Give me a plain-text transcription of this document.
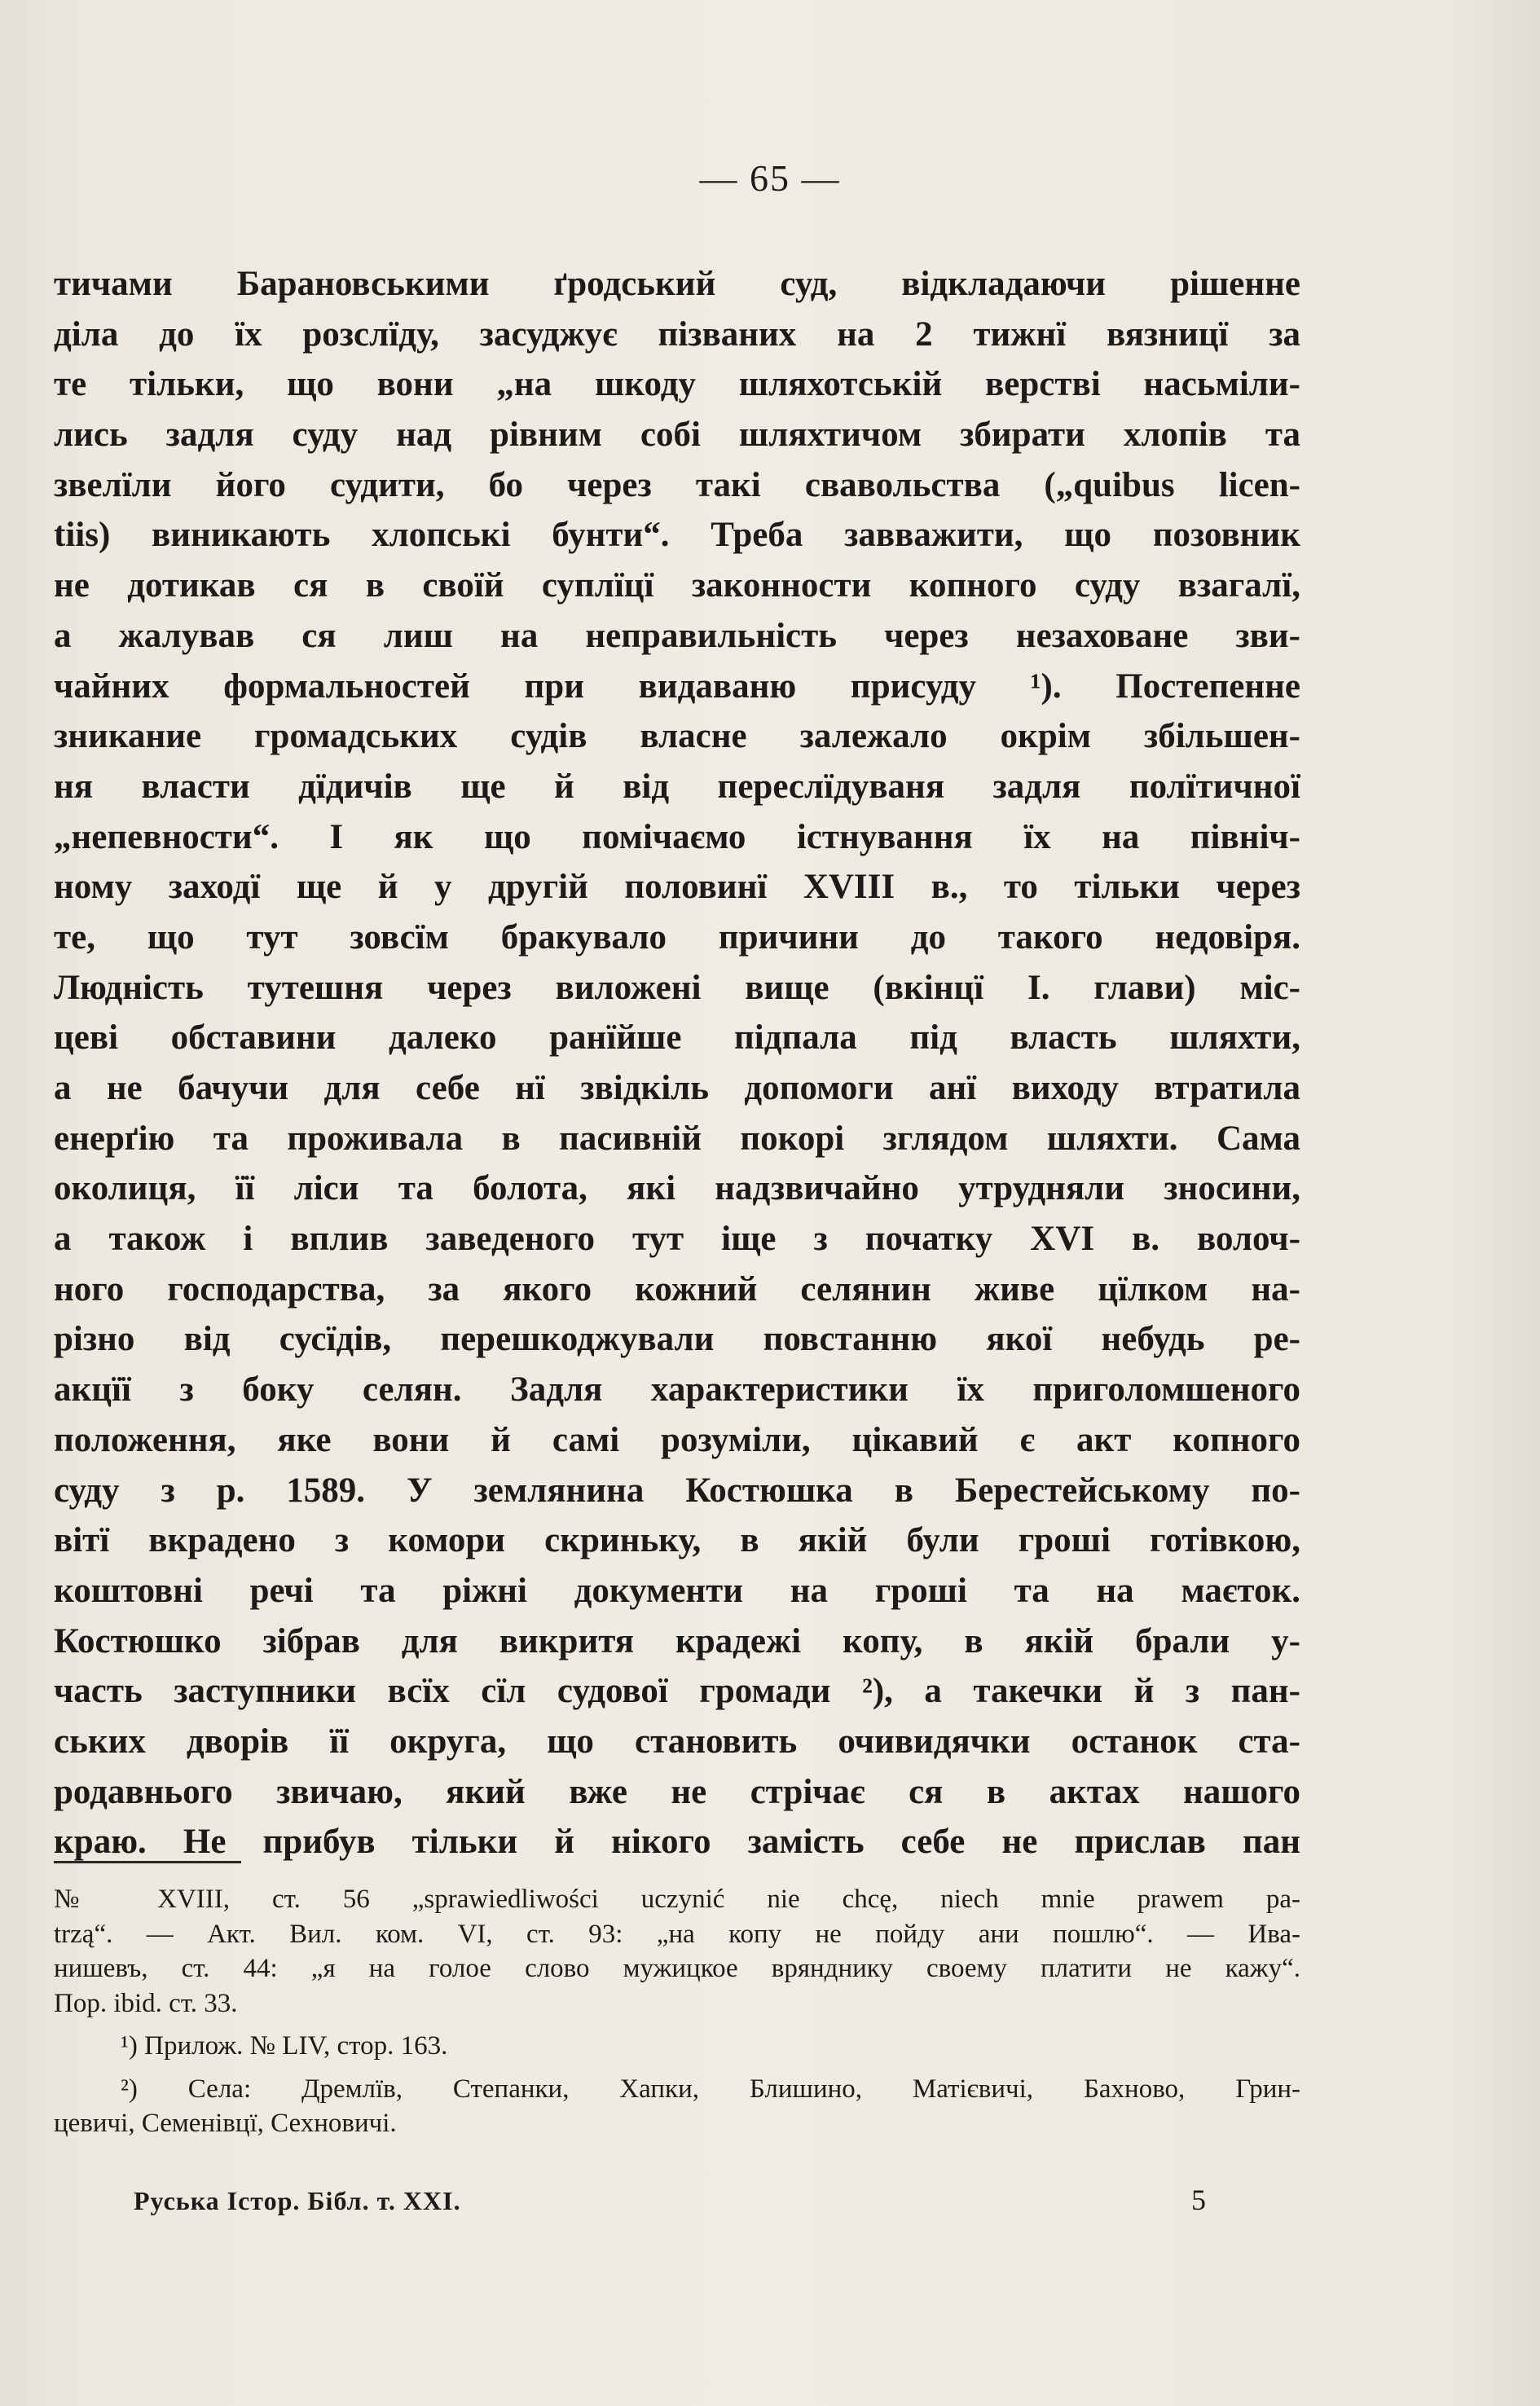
— 65 —
тичами Барановськими ґродський суд, відкладаючи рішенне
діла до їх розслїду, засуджує пізваних на 2 тижнї вязницї за
те тільки, що вони „на шкоду шляхотській верстві насьміли-
лись задля суду над рівним собі шляхтичом збирати хлопів та
звелїли його судити, бо через такі свавольства („quibus licen-
tiis) виникають хлопські бунти“. Треба завважити, що позовник
не дотикав ся в своїй суплїцї законности копного суду взагалї,
а жалував ся лиш на неправильність через незаховане зви-
чайних формальностей при видаваню присуду ¹). Постепенне
зникание громадських судів власне залежало окрім збільшен-
ня власти дїдичів ще й від переслїдуваня задля полїтичної
„непевности“. І як що помічаємо істнування їх на північ-
ному заходї ще й у другій половинї XVIII в., то тільки через
те, що тут зовсїм бракувало причини до такого недовіря.
Людність тутешня через виложені вище (вкінцї І. глави) міс-
цеві обставини далеко ранїйше підпала під власть шляхти,
а не бачучи для себе нї звідкіль допомоги анї виходу втратила
енерґію та проживала в пасивній покорі зглядом шляхти. Сама
околиця, її ліси та болота, які надзвичайно утрудняли зносини,
а також і вплив заведеного тут іще з початку XVI в. волоч-
ного господарства, за якого кожний селянин живе цїлком на-
різно від сусїдів, перешкоджували повстанню якої небудь ре-
акцїї з боку селян. Задля характеристики їх приголомшеного
положення, яке вони й самі розуміли, цікавий є акт копного
суду з р. 1589. У землянина Костюшка в Берестейському по-
вітї вкрадено з комори скриньку, в якій були гроші готівкою,
коштовні речі та ріжні документи на гроші та на маєток.
Костюшко зібрав для викритя крадежі копу, в якій брали у-
часть заступники всїх сїл судової громади ²), а такечки й з пан-
ських дворів її округа, що становить очивидячки останок ста-
родавнього звичаю, який вже не стрічає ся в актах нашого
краю. Не прибув тільки й нікого замість себе не прислав пан
№ XVIII, ст. 56 „sprawiedliwości uczynić nie chcę, niech mnie prawem pa-
trzą“. — Акт. Вил. ком. VI, ст. 93: „на копу не пойду ани пошлю“. — Ива-
нишевъ, ст. 44: „я на голое слово мужицкое врянднику своему платити не кажу“.
Пор. ibid. ст. 33.
¹) Прилож. № LIV, стор. 163.
²) Села: Дремлїв, Степанки, Хапки, Блишино, Матієвичі, Бахново, Грин-
цевичі, Семенівцї, Сехновичі.
Руська Істор. Бібл. т. XXI.	5
